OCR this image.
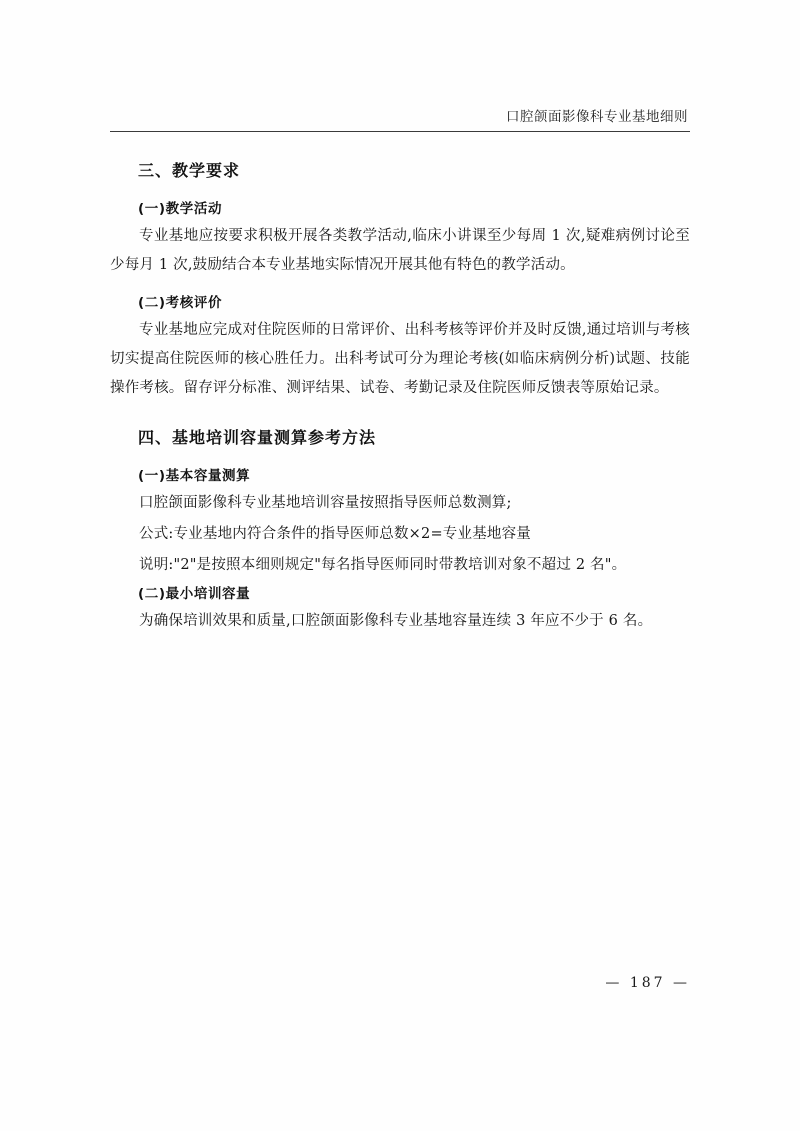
口腔颌面影像科专业基地细则
三、教学要求
(一)教学活动

专业基地应按要求积极开展各类教学活动,临床小讲课至少每周 1 次,疑难病例讨论至少每月 1 次,鼓励结合本专业基地实际情况开展其他有特色的教学活动。

(二)考核评价

专业基地应完成对住院医师的日常评价、出科考核等评价并及时反馈,通过培训与考核切实提高住院医师的核心胜任力。出科考试可分为理论考核(如临床病例分析)试题、技能操作考核。留存评分标准、测评结果、试卷、考勤记录及住院医师反馈表等原始记录。

四、基地培训容量测算参考方法
(一)基本容量测算

口腔颌面影像科专业基地培训容量按照指导医师总数测算;

公式:专业基地内符合条件的指导医师总数×2=专业基地容量

说明:"2"是按照本细则规定"每名指导医师同时带教培训对象不超过 2 名"。

(二)最小培训容量

为确保培训效果和质量,口腔颌面影像科专业基地容量连续 3 年应不少于 6 名。

— 187 —
